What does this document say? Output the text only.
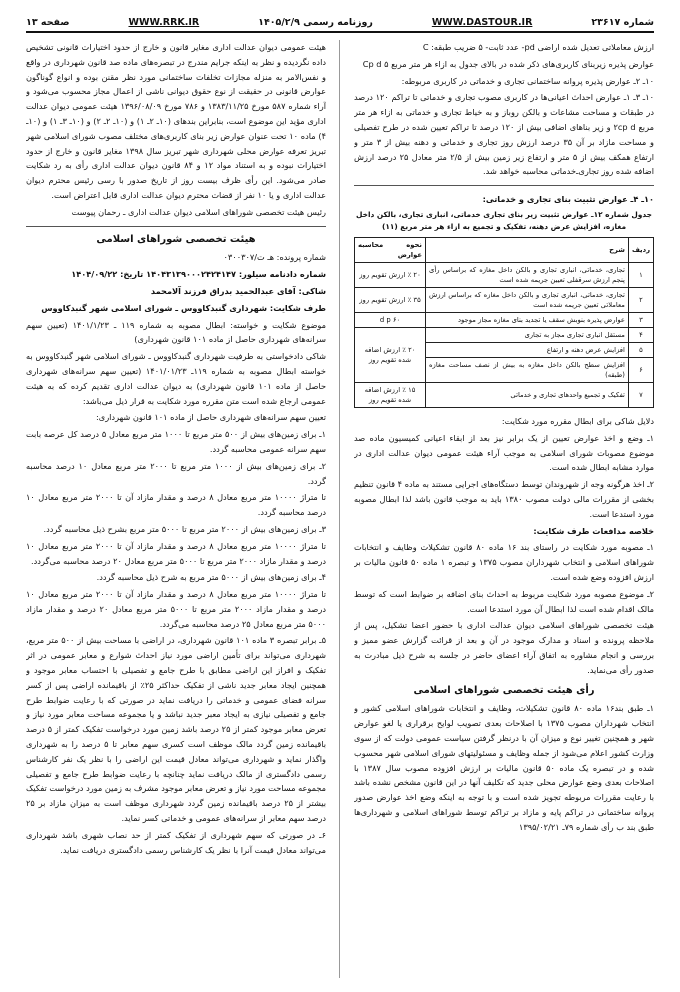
شماره ۲۳۶۱۷
WWW.DASTOUR.IR
روزنامه رسمی ۱۴۰۵/۲/۹
WWW.RRK.IR
صفحه ۱۳

ارزش معاملاتی تعدیل شده اراضی pd- عدد ثابت- ۵ ضریب طبقه: C

عوارض پذیره زیربنای کاربری‌های ذکر شده در بالای جدول به ازاء هر متر مربع Cp d ۵

۱۰ـ ۲ـ عوارض پذیره پروانه ساختمانی تجاری و خدماتی در کاربری مربوطه:

۱۰ـ ۳ـ ۱ـ عوارض احداث اعیانی‌ها در کاربری مصوب تجاری و خدماتی تا تراکم ۱۲۰ درصد در طبقات و مساحت مشاعات و بالکن روباز و به خیاط تجاری و خدماتی به ازاء هر متر مربع ۲cp d و زیر بناهای اضافی بیش از ۱۲۰ درصد تا تراکم تعیین شده در طرح تفصیلی و مساحت مازاد بر آن ۳۵ درصد ارزش روز تجاری و خدماتی و دهنه بیش از ۳ متر و ارتفاع همکف بیش از ۵ متر و ارتفاع زیر زمین بیش از ۲/۵ متر معادل ۲۵ درصد ارزش اضافه شده روز تجاری‌ـ‌خدماتی محاسبه خواهد شد.

۱۰ـ ۴ـ عوارض تثبیت بنای تجاری و خدماتی:

جدول شماره ۱۲ـ عوارض تثبیت زیر بنای تجاری خدماتی، انباری تجاری، بالکن داخل مغازه، افزایش عرض دهنه، تفکیک و تجمیع به ازاء هر متر مربع (۱۱)

ردیف	شرح	نحوه محاسبه عوارض
۱	تجاری، خدماتی، انباری تجاری و بالکن داخل مغازه که براساس رأی پنجم ارزش سرقفلی تعیین جریمه شده است	۲۰ ٪ ارزش تقویم روز
۲	تجاری، خدماتی، انباری تجاری و بالکن داخل مغازه که براساس ارزش معاملاتی تعیین جریمه شده است	۳۵ ٪ ارزش تقویم روز
۳	عوارض پذیره بنوبش سقف یا تجدید بنای مغازه مجاز موجود	۶۰ d p
۴	مستقل انباری تجاری مجاز به تجاری	۲۰ ٪ ارزش اضافه شده تقویم روز
۵	افزایش عرض دهنه و ارتفاع	
۶	افزایش سطح بالکن داخل مغازه به بیش از نصف مساحت مغازه (طبقه)	
۷	تفکیک و تجمیع واحدهای تجاری و خدماتی	۱۵ ٪ ارزش اضافه شده تقویم روز

دلایل شاکی برای ابطال مقرره مورد شکایت:

۱ـ وضع و اخذ عوارض تعیین از یک برابر نیز بعد از ابقاء اعیانی کمیسیون ماده صد موضوع مصوبات شورای اسلامی به موجب آراء هیئت عمومی دیوان عدالت اداری در موارد مشابه ابطال شده است.

۲ـ اخذ هرگونه وجه از شهروندان توسط دستگاه‌های اجرایی مستند به ماده ۴ قانون تنظیم بخشی از مقررات مالی دولت مصوب ۱۳۸۰ باید به موجب قانون باشد لذا ابطال مصوبه مورد استدعا است.

خلاصه مدافعات طرف شکایت:

۱ـ مصوبه مورد شکایت در راستای بند ۱۶ ماده ۸۰ قانون تشکیلات وظایف و انتخابات شوراهای اسلامی و انتخاب شهرداران مصوب ۱۳۷۵ و تبصره ۱ ماده ۵۰ قانون مالیات بر ارزش افزوده وضع شده است.

۲ـ موضوع مصوبه مورد شکایت مربوط به احداث بنای اضافه بر ضوابط است که توسط مالک اقدام شده است لذا ابطال آن مورد استدعا است.

هیئت تخصصی شوراهای اسلامی دیوان عدالت اداری با حضور اعضا تشکیل، پس از ملاحظه پرونده و اسناد و مدارک موجود در آن و بعد از قرائت گزارش عضو ممیز و بررسی و انجام مشاوره به اتفاق آراء اعضای حاضر در جلسه به شرح ذیل مبادرت به صدور رأی می‌نماید.

رأی هیئت تخصصی شوراهای اسلامی

۱ـ طبق بند۱۶ ماده ۸۰ قانون تشکیلات، وظایف و انتخابات شوراهای اسلامی کشور و انتخاب شهرداران مصوب ۱۳۷۵ با اصلاحات بعدی تصویب لوایح برقراری یا لغو عوارض شهر و همچنین تغییر نوع و میزان آن با درنظر گرفتن سیاست عمومی دولت که از سوی وزارت کشور اعلام می‌شود از جمله وظایف و مسئولیتهای شورای اسلامی شهر محسوب شده و در تبصره یک ماده ۵۰ قانون مالیات بر ارزش افزوده مصوب سال ۱۳۸۷ با اصلاحات بعدی وضع عوارض محلی جدید که تکلیف آنها در این قانون مشخص نشده باشد با رعایت مقررات مربوطه تجویز شده است و با توجه به اینکه وضع اخذ عوارض صدور پروانه ساختمانی در تراکم پایه و مازاد بر تراکم توسط شوراهای اسلامی و شهرداری‌ها طبق بند ب رأی شماره ۷۹ـ ۱۳۹۵/۰۲/۲۱

هیئت عمومی دیوان عدالت اداری مغایر قانون و خارج از حدود اختیارات قانونی تشخیص داده نگردیده و نظر به اینکه جرایم مندرج در تبصره‌های ماده صد قانون شهرداری در واقع و نفس‌الامر به منزله مجازات تخلفات ساختمانی مورد نظر مقنن بوده و انواع گوناگون عوارض قانونی در حقیقت از نوع حقوق دیوانی ناشی از اعمال مجاز محسوب می‌شود و آراء شماره ۵۸۷ مورخ ۱۳۸۳/۱۱/۲۵ و ۷۸۶ مورخ ۱۳۹۶/۰۸/۰۹ هیئت عمومی دیوان عدالت اداری مؤید این موضوع است، بنابراین بندهای (۱۰ـ ۲ـ ۱) و (۱۰ـ ۲ـ ۲) و (۱۰ـ ۳ـ ۱) و (۱۰ـ ۴) ماده ۱۰ تحت عنوان عوارض زیر بنای کاربری‌های مختلف مصوب شورای اسلامی شهر تبریز تعرفه عوارض محلی شهرداری شهر تبریز سال ۱۳۹۸ مغایر قانون و خارج از حدود اختیارات نبوده و به استناد مواد ۱۲ و ۸۴ قانون دیوان عدالت اداری رأی به رد شکایت صادر می‌شود. این رأی ظرف بیست روز از تاریخ صدور با رسی رئیس محترم دیوان عدالت اداری و یا ۱۰ نفر از قضات محترم دیوان عدالت اداری قابل اعتراض است.

رئیس هیئت تخصصی شوراهای اسلامی دیوان عدالت اداری ـ رحمان پیوست

هیئت تخصصی شوراهای اسلامی

شماره پرونده: هـ ت/۰۳۰۰۳۰۷

شماره دادنامه سیلور: ۱۴۰۴۳۱۳۹۰۰۰۲۴۲۴۱۴۷ تاریخ: ۱۴۰۴/۰۹/۲۲

شاکی: آقای عبدالحمید بدراق فرزند آلامحمد

طرف شکایت: شهرداری گنبدکاووس ـ شورای اسلامی شهر گنبدکاووس

موضوع شکایت و خواسته: ابطال مصوبه به شماره ۱۱۹ ـ ۱۴۰۱/۱/۲۳ (تعیین سهم سرانه‌های شهرداری حاصل از ماده ۱۰۱ قانون شهرداری)

شاکی دادخواستی به طرفیت شهرداری گنبدکاووس ـ شورای اسلامی شهر گنبدکاووس به خواسته ابطال مصوبه به شماره ۱۱۹ـ ۱۴۰۱/۰۱/۲۳ (تعیین سهم سرانه‌های شهرداری حاصل از ماده ۱۰۱ قانون شهرداری) به دیوان عدالت اداری تقدیم کرده که به هیئت عمومی ارجاع شده است متن مقرره مورد شکایت به قرار ذیل می‌باشد:

تعیین سهم سرانه‌های شهرداری حاصل از ماده ۱۰۱ قانون شهرداری:

۱ـ برای زمین‌های بیش از ۵۰۰ متر مربع تا ۱۰۰۰ متر مربع معادل ۵ درصد کل عرصه بابت سهم سرانه عمومی محاسبه گردد.

۲ـ برای زمین‌های بیش از ۱۰۰۰ متر مربع تا ۲۰۰۰ متر مربع معادل ۱۰ درصد محاسبه گردد.

تا متراژ ۱۰۰۰۰ متر مربع معادل ۸ درصد و مقدار مازاد آن تا ۲۰۰۰ متر مربع معادل ۱۰ درصد محاسبه گردد.

۳ـ برای زمین‌های بیش از ۲۰۰۰ متر مربع تا ۵۰۰۰ متر مربع بشرح ذیل محاسبه گردد.

تا متراژ ۱۰۰۰۰ متر مربع معادل ۸ درصد و مقدار مازاد آن تا ۲۰۰۰ متر مربع معادل ۱۰ درصد و مقدار مازاد ۲۰۰۰ متر مربع تا ۵۰۰۰ متر مربع معادل ۲۰ درصد محاسبه می‌گردد.

۴ـ برای زمین‌های بیش از ۵۰۰۰ متر مربع به شرح ذیل محاسبه گردد.

تا متراژ ۱۰۰۰۰ متر مربع معادل ۸ درصد و مقدار مازاد آن تا ۲۰۰۰ متر مربع معادل ۱۰ درصد و مقدار مازاد ۲۰۰۰ متر مربع تا ۵۰۰۰ متر مربع معادل ۲۰ درصد و مقدار مازاد ۵۰۰۰ متر مربع معادل ۲۵ درصد محاسبه می‌گردد.

۵ـ برابر تبصره ۳ ماده ۱۰۱ قانون شهرداری، در اراضی با مساحت بیش از ۵۰۰ متر مربع، شهرداری می‌تواند برای تأمین اراضی مورد نیاز احداث شوارع و معابر عمومی در اثر تفکیک و افراز این اراضی مطابق با طرح جامع و تفصیلی با احتساب معابر موجود و همچنین ایجاد معابر جدید ناشی از تفکیک حداکثر ۲۵٪ از باقیمانده اراضی پس از کسر سرانه فضای عمومی و خدماتی را دریافت نماید در صورتی که با رعایت ضوابط طرح جامع و تفصیلی نیازی به ایجاد معبر جدید نباشد و یا مجموعه مساحت معابر مورد نیاز و تعرض معابر موجود کمتر از ۲۵ درصد باشد زمین مورد درخواست تفکیک کمتر از ۵ درصد باقیمانده زمین گردد مالک موظف است کسری سهم معابر تا ۵ درصد را به شهرداری واگذار نماید و شهرداری می‌تواند معادل قیمت این اراضی را با نظر یک نفر کارشناس رسمی دادگستری از مالک دریافت نماید چنانچه با رعایت ضوابط طرح جامع و تفصیلی مجموعه مساحت مورد نیاز و تعرض معابر موجود مشرف به زمین مورد درخواست تفکیک بیشتر از ۲۵ درصد باقیمانده زمین گردد شهرداری موظف است به میزان مازاد بر ۲۵ درصد سهم معابر از سرانه‌های عمومی و خدماتی کسر نماید.

۶ـ در صورتی که سهم شهرداری از تفکیک کمتر از حد نصاب شهری باشد شهرداری می‌تواند معادل قیمت آنرا با نظر یک کارشناس رسمی دادگستری دریافت نماید.
